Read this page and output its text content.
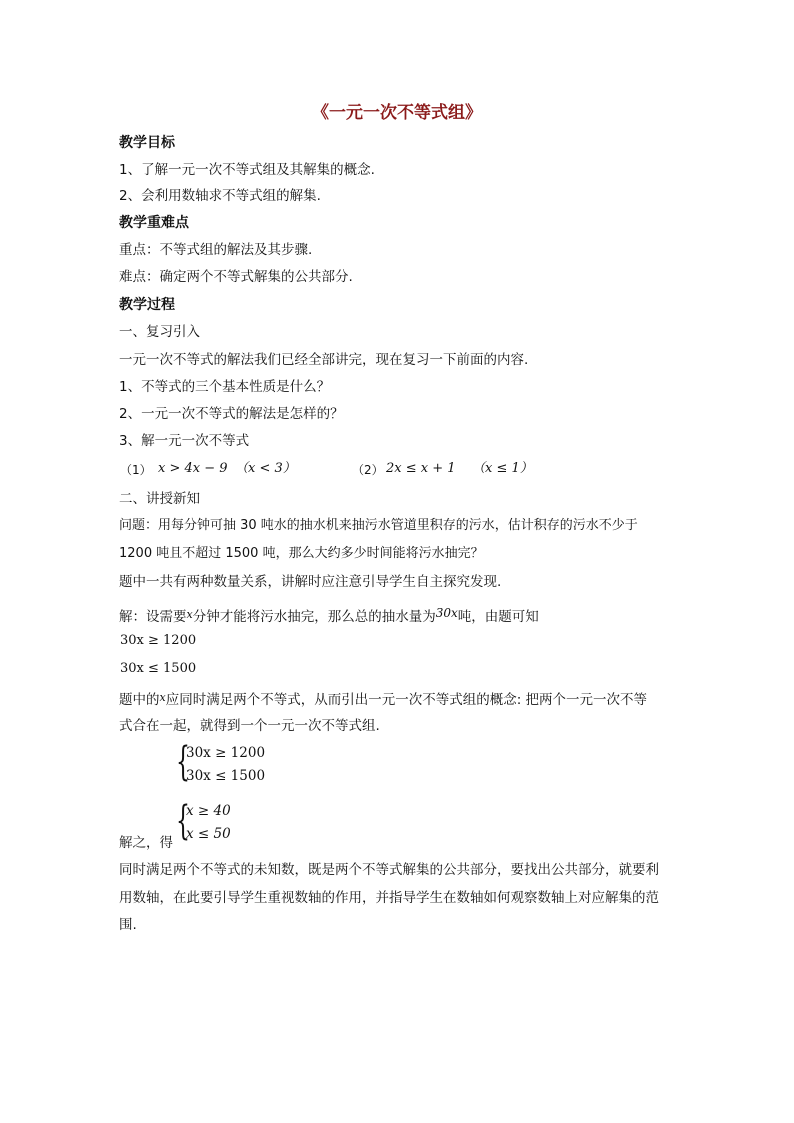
《一元一次不等式组》
教学目标
1、了解一元一次不等式组及其解集的概念.
2、会利用数轴求不等式组的解集.
教学重难点
重点：不等式组的解法及其步骤.
难点：确定两个不等式解集的公共部分.
教学过程
一、复习引入
一元一次不等式的解法我们已经全部讲完，现在复习一下前面的内容.
1、不等式的三个基本性质是什么？
2、一元一次不等式的解法是怎样的？
3、解一元一次不等式
（1） x > 4x − 9 （x < 3）	（2） 2x ≤ x + 1 （x ≤ 1）
二、讲授新知
问题：用每分钟可抽 30 吨水的抽水机来抽污水管道里积存的污水，估计积存的污水不少于
1200 吨且不超过 1500 吨，那么大约多少时间能将污水抽完？
题中一共有两种数量关系，讲解时应注意引导学生自主探究发现.
解：设需要$^x$分钟才能将污水抽完，那么总的抽水量为30x吨，由题可知
30x ≥ 1200
30x ≤ 1500
题中的$^x$应同时满足两个不等式，从而引出一元一次不等式组的概念: 把两个一元一次不等
式合在一起，就得到一个一元一次不等式组.
{
30x ≥ 1200
30x ≤ 1500
{
x ≥ 40
x ≤ 50
解之，得
同时满足两个不等式的未知数，既是两个不等式解集的公共部分，要找出公共部分，就要利
用数轴，在此要引导学生重视数轴的作用，并指导学生在数轴如何观察数轴上对应解集的范
围.
